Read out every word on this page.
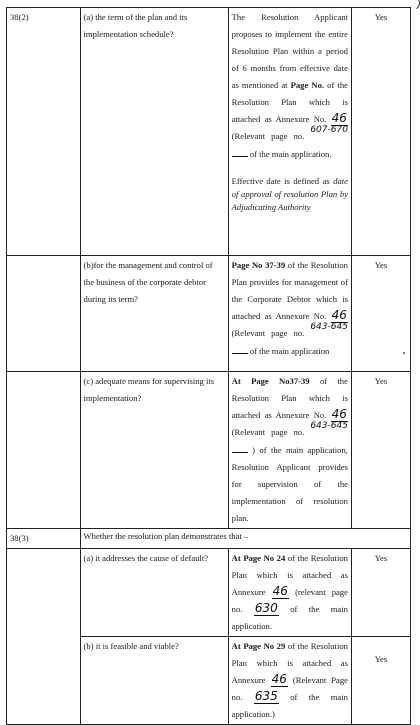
38(2)	(a) the term of the plan and its implementation schedule?	The Resolution Applicant proposes to implement the entire Resolution Plan within a period of 6 months from effective date as mentioned at Page No. of the Resolution Plan which is attached as Annexure No. 46 (Relevant page no. 607-670 of the main application.
Effective date is defined as date of approval of resolution Plan by Adjudicating Authority	Yes
	(b)for the management and control of the business of the corporate debtor during its term?	Page No 37-39 of the Resolution Plan provides for management of the Corporate Debtor which is attached as Annexure No. 46 (Relevant page no. 643-645 of the main application	Yes
	(c) adequate means for supervising its implementation?	At Page No37-39 of the Resolution Plan which is attached as Annexure No. 46 (Relevant page no. 643-645 ) of the main application, Resolution Applicant provides for supervision of the implementation of resolution plan.	Yes
38(3)	Whether the resolution plan demonstrates that –		
	(a) it addresses the cause of default?	At Page No 24 of the Resolution Plan which is attached as Annexure 46 (relevant page no. 630 of the main application.	Yes
	(b) it is feasible and viable?	At Page No 29 of the Resolution Plan which is attached as Annexure 46 (Relevant Page no. 635 of the main application.)	Yes
